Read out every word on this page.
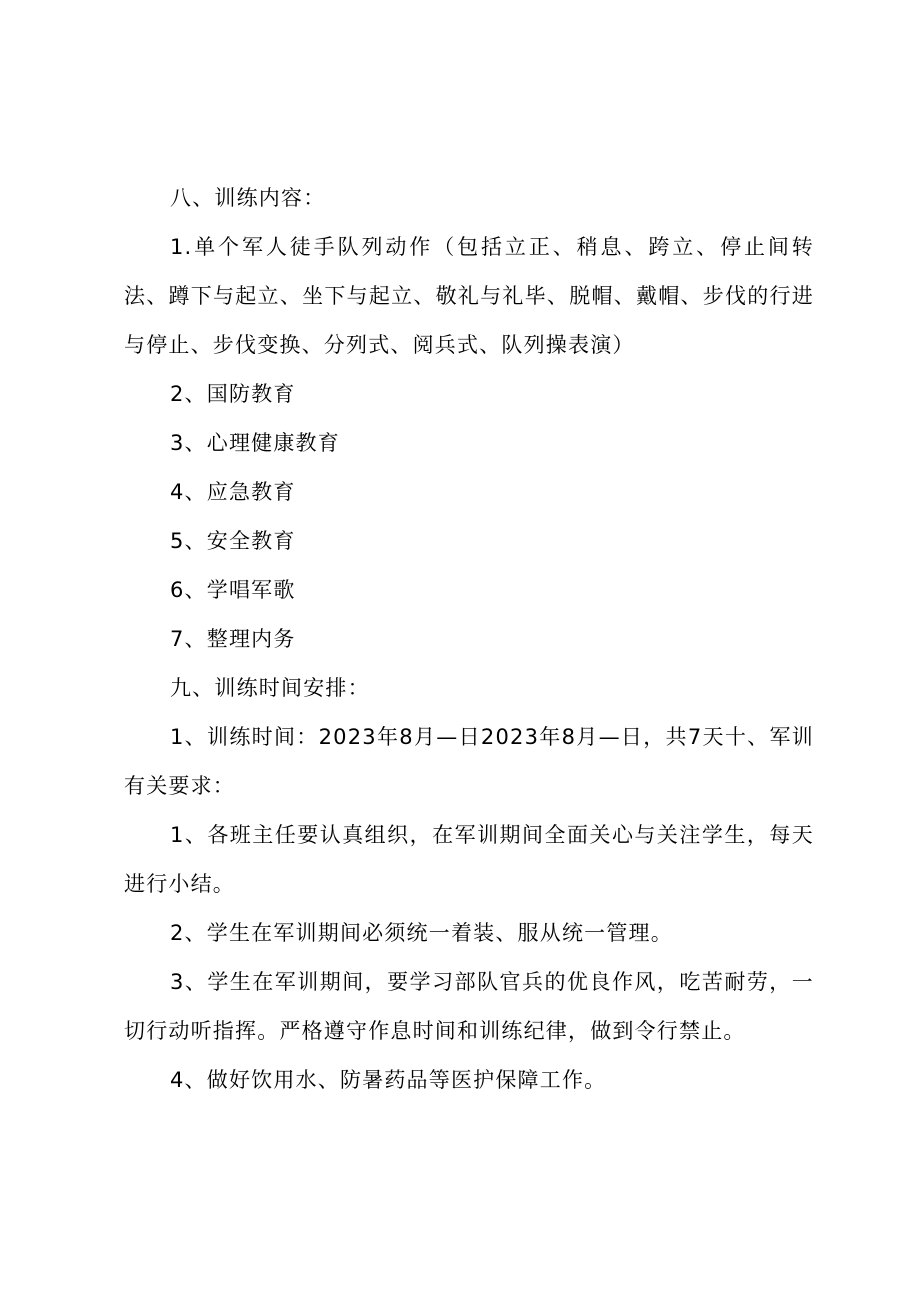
八、训练内容：

1.单个军人徒手队列动作（包括立正、稍息、跨立、停止间转法、蹲下与起立、坐下与起立、敬礼与礼毕、脱帽、戴帽、步伐的行进与停止、步伐变换、分列式、阅兵式、队列操表演）

2、国防教育

3、心理健康教育

4、应急教育

5、安全教育

6、学唱军歌

7、整理内务

九、训练时间安排：

1、训练时间：2023年8月—日2023年8月—日，共7天十、军训有关要求：

1、各班主任要认真组织，在军训期间全面关心与关注学生，每天进行小结。

2、学生在军训期间必须统一着装、服从统一管理。

3、学生在军训期间，要学习部队官兵的优良作风，吃苦耐劳，一切行动听指挥。严格遵守作息时间和训练纪律，做到令行禁止。

4、做好饮用水、防暑药品等医护保障工作。
